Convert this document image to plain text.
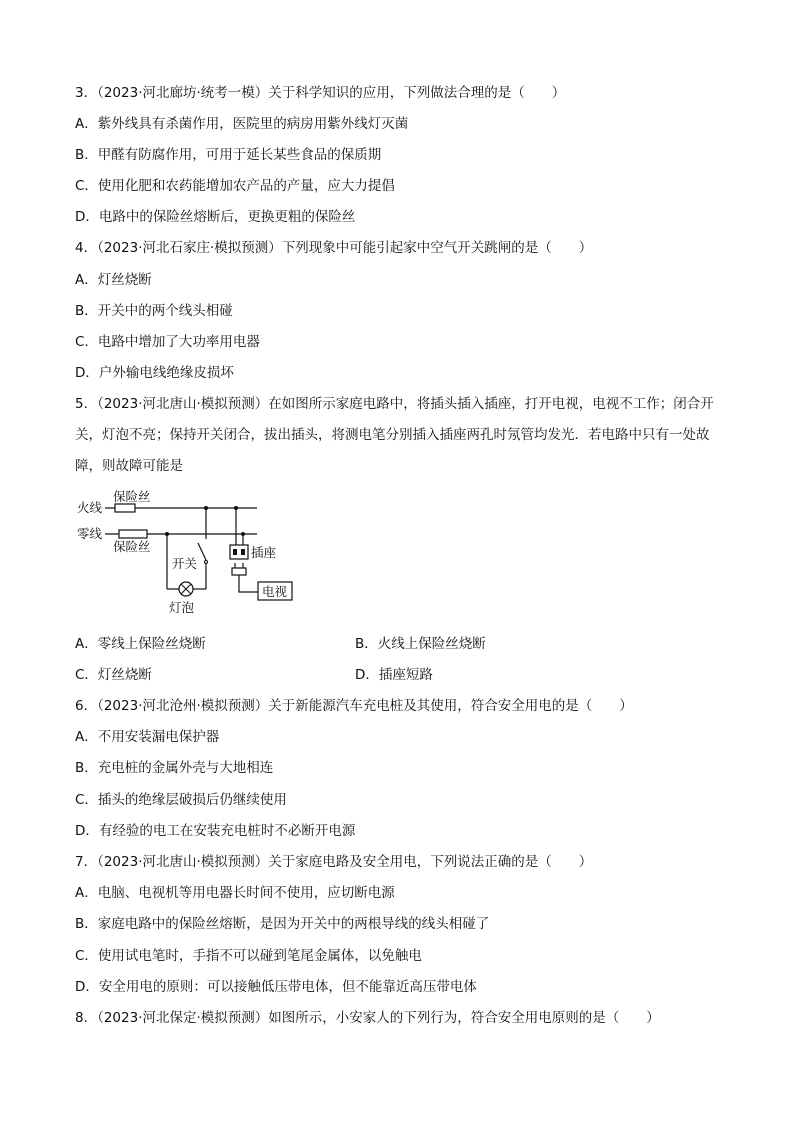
3．（2023·河北廊坊·统考一模）关于科学知识的应用，下列做法合理的是（　　）
A．紫外线具有杀菌作用，医院里的病房用紫外线灯灭菌
B．甲醛有防腐作用，可用于延长某些食品的保质期
C．使用化肥和农药能增加农产品的产量，应大力提倡
D．电路中的保险丝熔断后，更换更粗的保险丝
4．（2023·河北石家庄·模拟预测）下列现象中可能引起家中空气开关跳闸的是（　　）
A．灯丝烧断
B．开关中的两个线头相碰
C．电路中增加了大功率用电器
D．户外输电线绝缘皮损坏
5．（2023·河北唐山·模拟预测）在如图所示家庭电路中，将插头插入插座，打开电视，电视不工作；闭合开关，灯泡不亮；保持开关闭合，拔出插头，将测电笔分别插入插座两孔时氖管均发光．若电路中只有一处故障，则故障可能是
火线
保险丝
零线
保险丝
开关
灯泡
插座
电视
A．零线上保险丝烧断	B．火线上保险丝烧断
C．灯丝烧断	D．插座短路
6．（2023·河北沧州·模拟预测）关于新能源汽车充电桩及其使用，符合安全用电的是（　　）
A．不用安装漏电保护器
B．充电桩的金属外壳与大地相连
C．插头的绝缘层破损后仍继续使用
D．有经验的电工在安装充电桩时不必断开电源
7．（2023·河北唐山·模拟预测）关于家庭电路及安全用电，下列说法正确的是（　　）
A．电脑、电视机等用电器长时间不使用，应切断电源
B．家庭电路中的保险丝熔断，是因为开关中的两根导线的线头相碰了
C．使用试电笔时，手指不可以碰到笔尾金属体，以免触电
D．安全用电的原则：可以接触低压带电体，但不能靠近高压带电体
8．（2023·河北保定·模拟预测）如图所示，小安家人的下列行为，符合安全用电原则的是（　　）
